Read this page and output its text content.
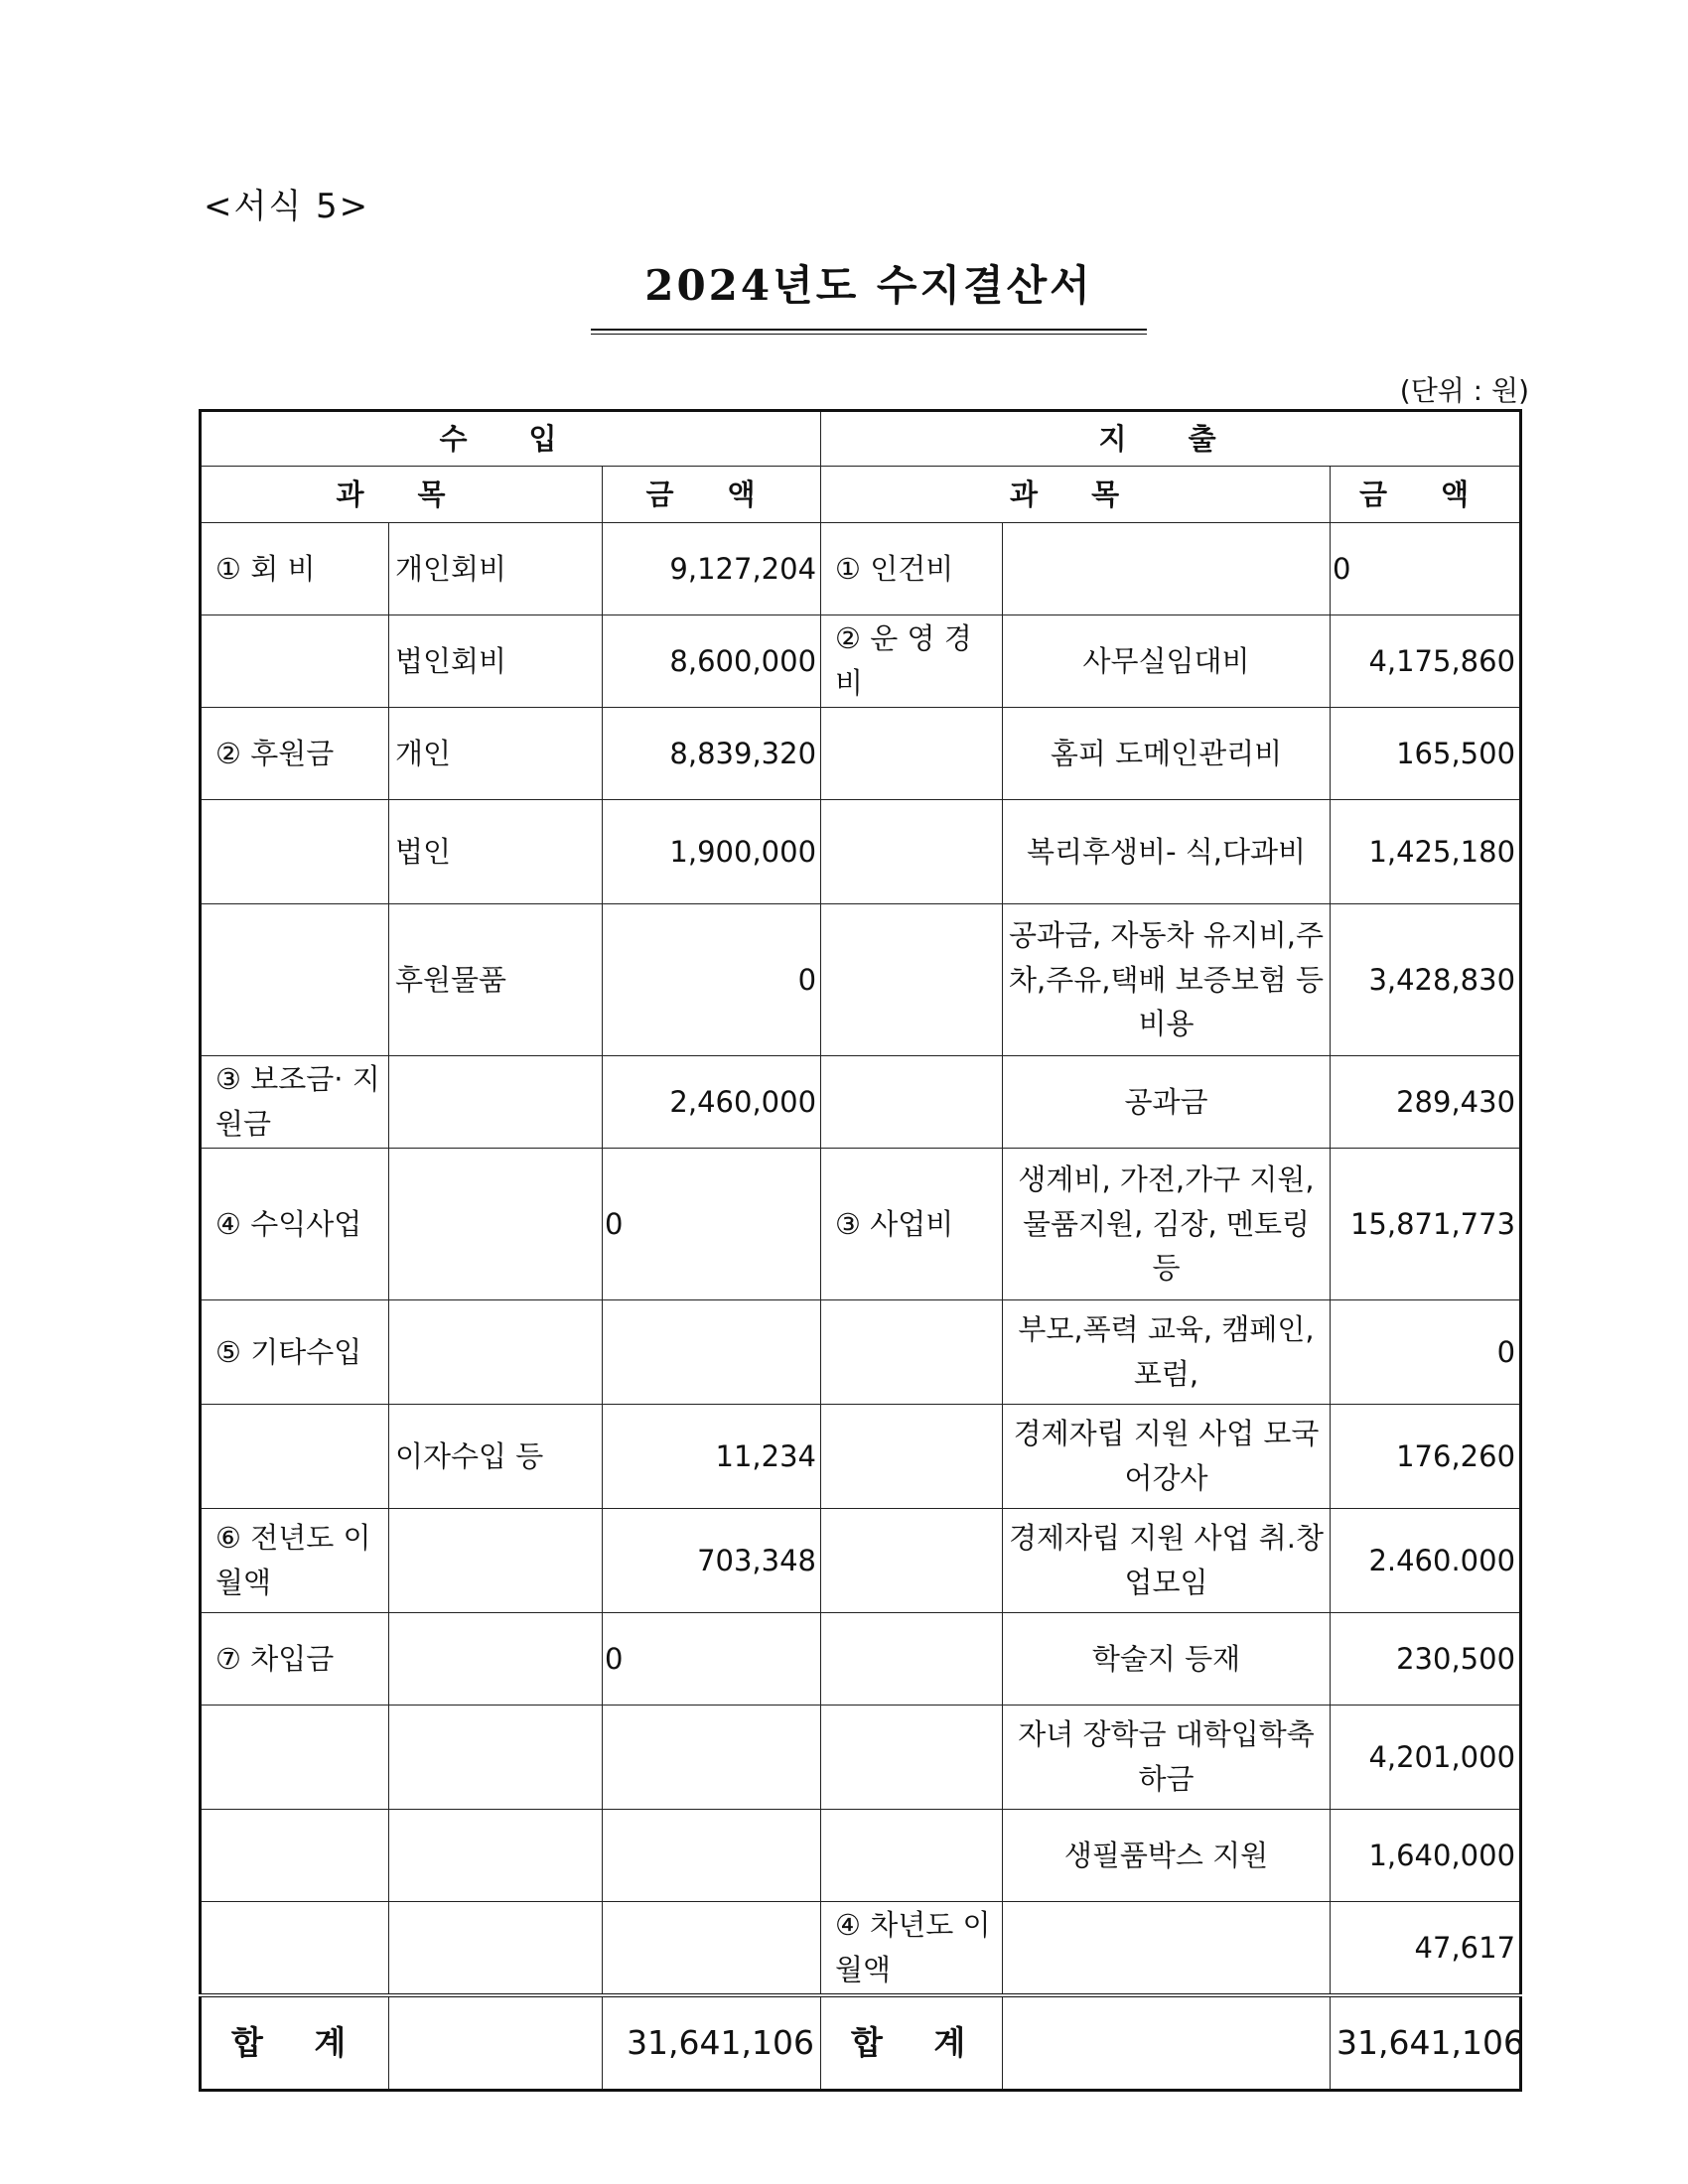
<서식 5>
2024년도 수지결산서
(단위 : 원)
수 입			지 출		
과 목		금 액	과 목		금 액
① 회 비	개인회비	9,127,204	① 인건비		0
	법인회비	8,600,000	② 운 영 경 비	사무실임대비	4,175,860
② 후원금	개인	8,839,320		홈피 도메인관리비	165,500
	법인	1,900,000		복리후생비- 식,다과비	1,425,180
	후원물품	0		공과금, 자동차 유지비,주차,주유,택배 보증보험 등 비용	3,428,830
③ 보조금· 지원금		2,460,000		공과금	289,430
④ 수익사업		0	③ 사업비	생계비, 가전,가구 지원, 물품지원, 김장, 멘토링 등	15,871,773
⑤ 기타수입				부모,폭력 교육, 캠페인,포럼,	0
	이자수입 등	11,234		경제자립 지원 사업 모국어강사	176,260
⑥ 전년도 이월액		703,348		경제자립 지원 사업 취.창업모임	2.460.000
⑦ 차입금		0		학술지 등재	230,500
				자녀 장학금 대학입학축하금	4,201,000
				생필품박스 지원	1,640,000
			④ 차년도 이월액		47,617
합 계		31,641,106	합 계		31,641,106
